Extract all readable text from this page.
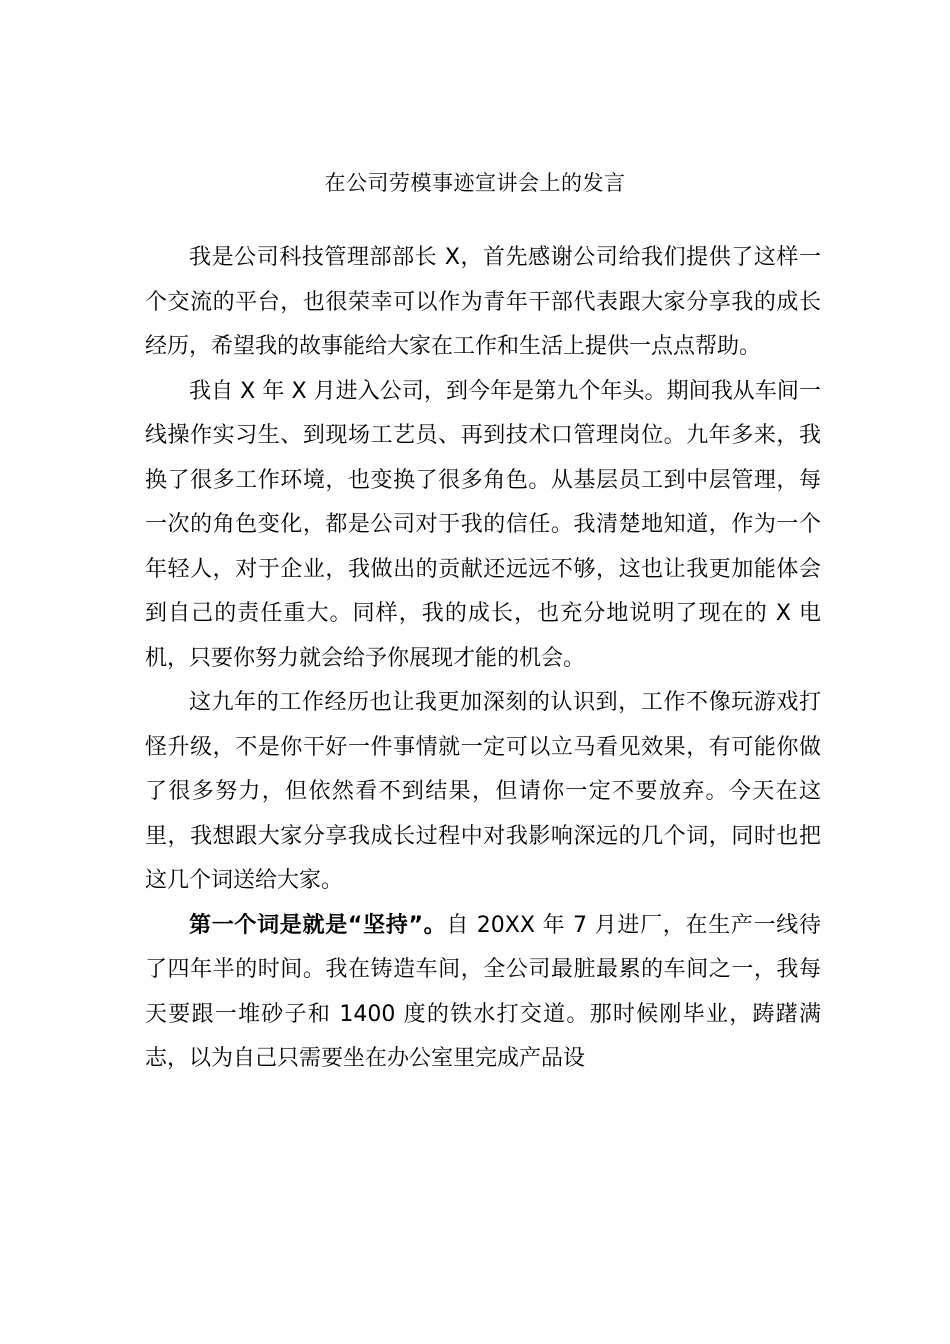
在公司劳模事迹宣讲会上的发言

我是公司科技管理部部长 X，首先感谢公司给我们提供了这样一个交流的平台，也很荣幸可以作为青年干部代表跟大家分享我的成长经历，希望我的故事能给大家在工作和生活上提供一点点帮助。

我自 X 年 X 月进入公司，到今年是第九个年头。期间我从车间一线操作实习生、到现场工艺员、再到技术口管理岗位。九年多来，我换了很多工作环境，也变换了很多角色。从基层员工到中层管理，每一次的角色变化，都是公司对于我的信任。我清楚地知道，作为一个年轻人，对于企业，我做出的贡献还远远不够，这也让我更加能体会到自己的责任重大。同样，我的成长，也充分地说明了现在的 X 电机，只要你努力就会给予你展现才能的机会。

这九年的工作经历也让我更加深刻的认识到，工作不像玩游戏打怪升级，不是你干好一件事情就一定可以立马看见效果，有可能你做了很多努力，但依然看不到结果，但请你一定不要放弃。今天在这里，我想跟大家分享我成长过程中对我影响深远的几个词，同时也把这几个词送给大家。

第一个词是就是“坚持”。自 20XX 年 7 月进厂，在生产一线待了四年半的时间。我在铸造车间，全公司最脏最累的车间之一，我每天要跟一堆砂子和 1400 度的铁水打交道。那时候刚毕业，踌躇满志，以为自己只需要坐在办公室里完成产品设
